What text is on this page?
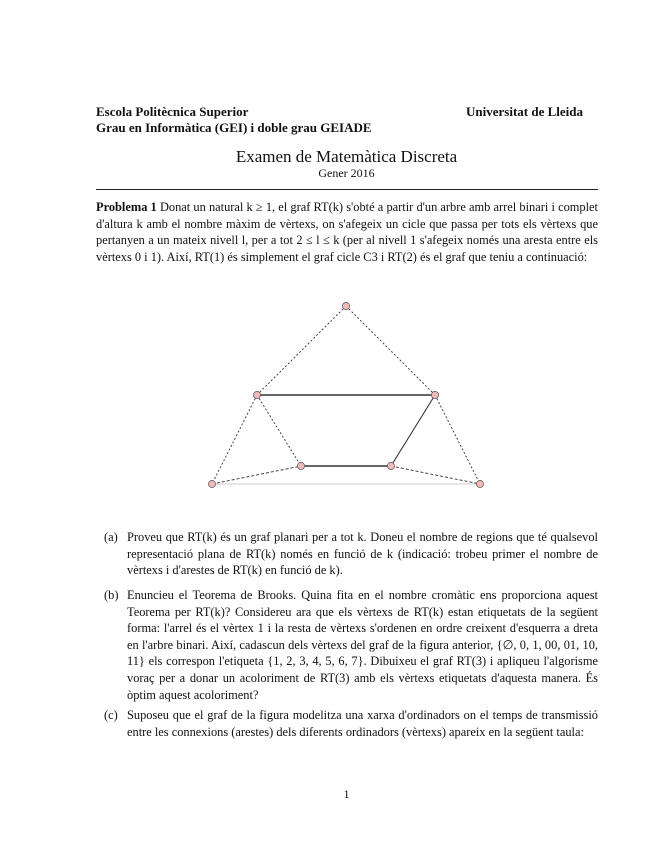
Escola Politècnica Superior	Universitat de Lleida
Grau en Informàtica (GEI) i doble grau GEIADE
Examen de Matemàtica Discreta
Gener 2016
Problema 1 Donat un natural k ≥ 1, el graf RT(k) s'obté a partir d'un arbre amb arrel binari i complet d'altura k amb el nombre màxim de vèrtexs, on s'afegeix un cicle que passa per tots els vèrtexs que pertanyen a un mateix nivell l, per a tot 2 ≤ l ≤ k (per al nivell 1 s'afegeix només una aresta entre els vèrtexs 0 i 1). Així, RT(1) és simplement el graf cicle C3 i RT(2) és el graf que teniu a continuació:
(a) Proveu que RT(k) és un graf planari per a tot k. Doneu el nombre de regions que té qualsevol representació plana de RT(k) només en funció de k (indicació: trobeu primer el nombre de vèrtexs i d'arestes de RT(k) en funció de k).
(b) Enuncieu el Teorema de Brooks. Quina fita en el nombre cromàtic ens proporciona aquest Teorema per RT(k)? Considereu ara que els vèrtexs de RT(k) estan etiquetats de la següent forma: l'arrel és el vèrtex 1 i la resta de vèrtexs s'ordenen en ordre creixent d'esquerra a dreta en l'arbre binari. Així, cadascun dels vèrtexs del graf de la figura anterior, {∅, 0, 1, 00, 01, 10, 11} els correspon l'etiqueta {1, 2, 3, 4, 5, 6, 7}. Dibuixeu el graf RT(3) i apliqueu l'algorisme voraç per a donar un acoloriment de RT(3) amb els vèrtexs etiquetats d'aquesta manera. És òptim aquest acoloriment?
(c) Suposeu que el graf de la figura modelitza una xarxa d'ordinadors on el temps de transmissió entre les connexions (arestes) dels diferents ordinadors (vèrtexs) apareix en la següent taula:
1
